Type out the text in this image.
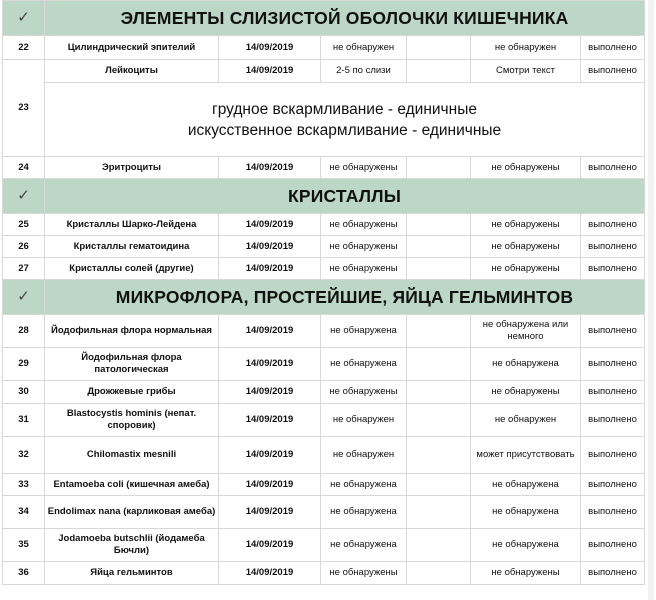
✓	ЭЛЕМЕНТЫ СЛИЗИСТОЙ ОБОЛОЧКИ КИШЕЧНИКА					
22	Цилиндрический эпителий	14/09/2019	не обнаружен		не обнаружен	выполнено
23	Лейкоциты	14/09/2019	2-5 по слизи		Смотри текст	выполнено

	грудное вскармливание - единичные
искусственное вскармливание - единичные					

24	Эритроциты	14/09/2019	не обнаружены		не обнаружены	выполнено
✓	КРИСТАЛЛЫ					
25	Кристаллы Шарко-Лейдена	14/09/2019	не обнаружены		не обнаружены	выполнено
26	Кристаллы гематоидина	14/09/2019	не обнаружены		не обнаружены	выполнено
27	Кристаллы солей (другие)	14/09/2019	не обнаружены		не обнаружены	выполнено
✓	МИКРОФЛОРА, ПРОСТЕЙШИЕ, ЯЙЦА ГЕЛЬМИНТОВ					
28	Йодофильная флора нормальная	14/09/2019	не обнаружена		не обнаружена или немного	выполнено
29	Йодофильная флора патологическая	14/09/2019	не обнаружена		не обнаружена	выполнено
30	Дрожжевые грибы	14/09/2019	не обнаружены		не обнаружены	выполнено
31	Blastocystis hominis (непат. споровик)	14/09/2019	не обнаружен		не обнаружен	выполнено
32	Chilomastix mesnili	14/09/2019	не обнаружен		может присутствовать	выполнено
33	Entamoeba coli (кишечная амеба)	14/09/2019	не обнаружена		не обнаружена	выполнено
34	Endolimax nana (карликовая амеба)	14/09/2019	не обнаружена		не обнаружена	выполнено
35	Jodamoeba butschlii (йодамеба Бючли)	14/09/2019	не обнаружена		не обнаружена	выполнено
36	Яйца гельминтов	14/09/2019	не обнаружены		не обнаружены	выполнено
